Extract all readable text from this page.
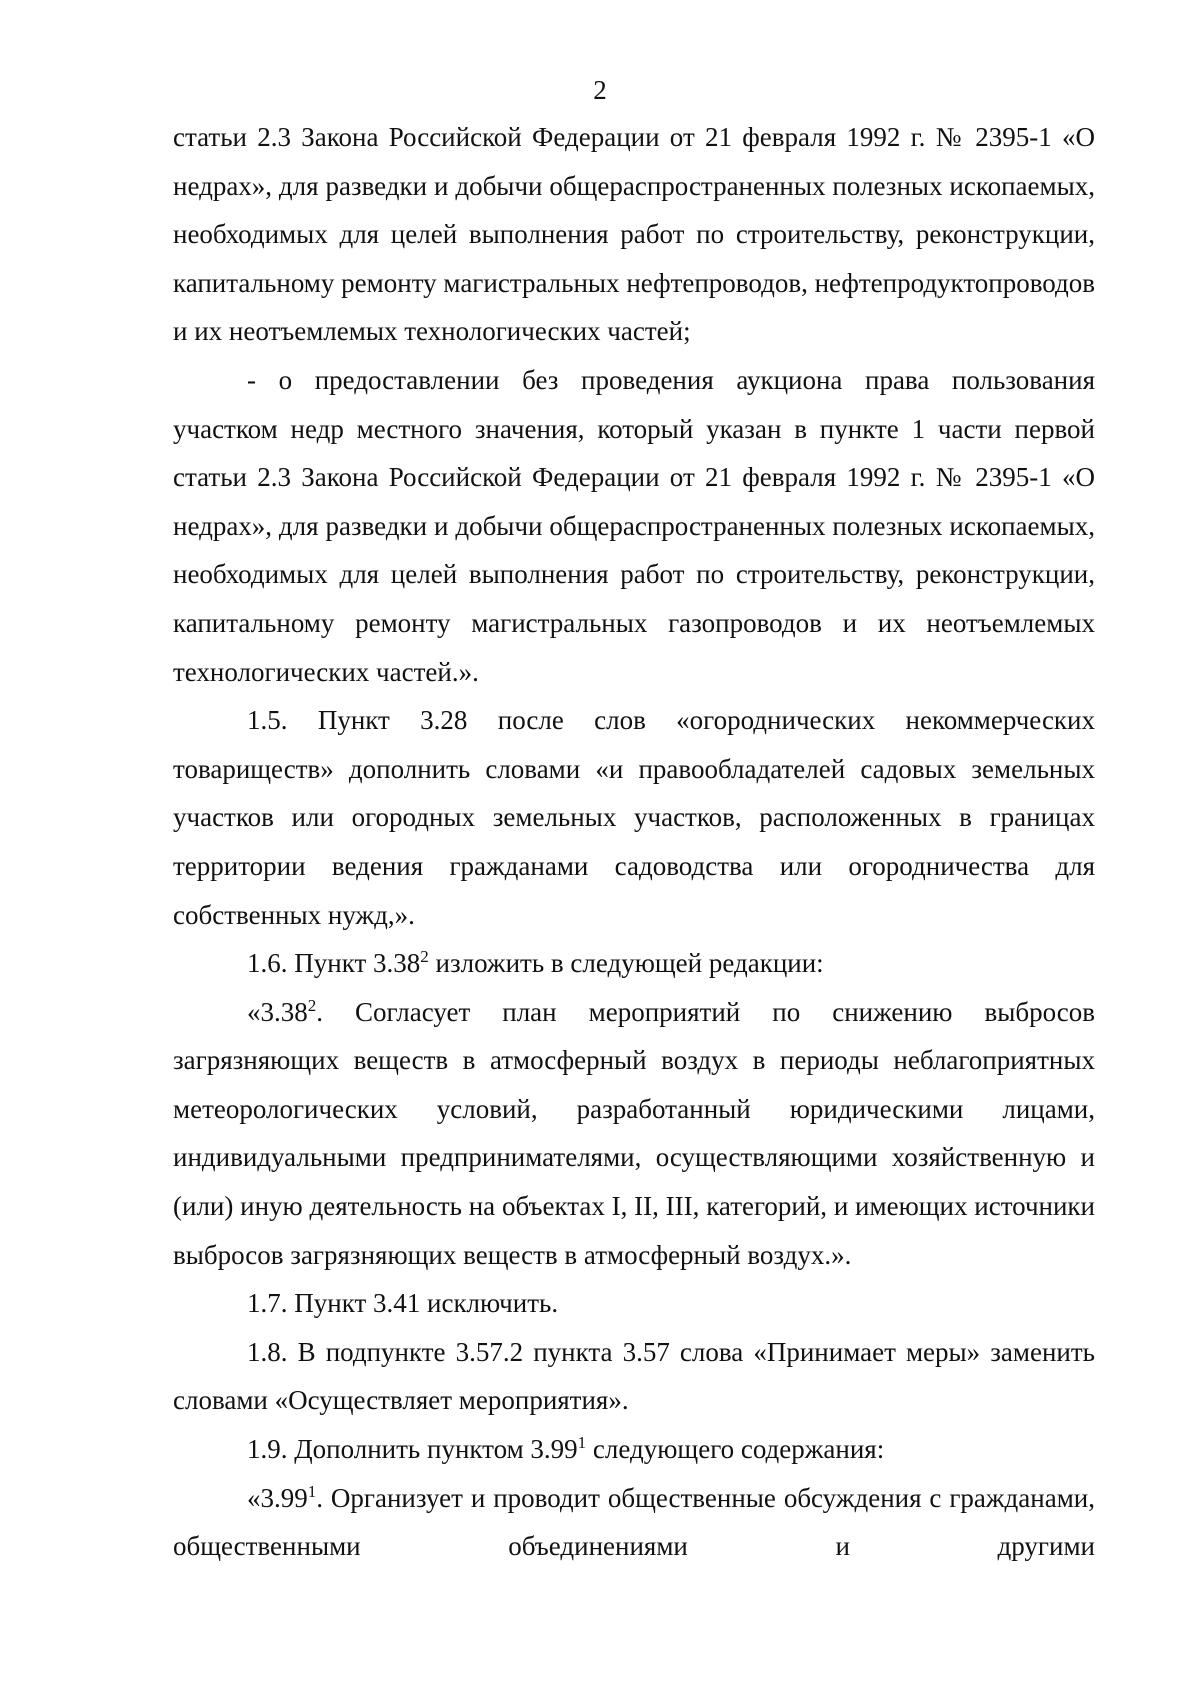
2

статьи 2.3 Закона Российской Федерации от 21 февраля 1992 г. № 2395-1 «О недрах», для разведки и добычи общераспространенных полезных ископаемых, необходимых для целей выполнения работ по строительству, реконструкции, капитальному ремонту магистральных нефтепроводов, нефтепродуктопроводов и их неотъемлемых технологических частей;

- о предоставлении без проведения аукциона права пользования участком недр местного значения, который указан в пункте 1 части первой статьи 2.3 Закона Российской Федерации от 21 февраля 1992 г. № 2395-1 «О недрах», для разведки и добычи общераспространенных полезных ископаемых, необходимых для целей выполнения работ по строительству, реконструкции, капитальному ремонту магистральных газопроводов и их неотъемлемых технологических частей.».

1.5. Пункт 3.28 после слов «огороднических некоммерческих товариществ» дополнить словами «и правообладателей садовых земельных участков или огородных земельных участков, расположенных в границах территории ведения гражданами садоводства или огородничества для собственных нужд,».

1.6. Пункт 3.38$^2$ изложить в следующей редакции:

«3.38$^2$. Согласует план мероприятий по снижению выбросов загрязняющих веществ в атмосферный воздух в периоды неблагоприятных метеорологических условий, разработанный юридическими лицами, индивидуальными предпринимателями, осуществляющими хозяйственную и (или) иную деятельность на объектах I, II, III, категорий, и имеющих источники выбросов загрязняющих веществ в атмосферный воздух.».

1.7. Пункт 3.41 исключить.

1.8. В подпункте 3.57.2 пункта 3.57 слова «Принимает меры» заменить словами «Осуществляет мероприятия».

1.9. Дополнить пунктом 3.99$^1$ следующего содержания:

«3.99$^1$. Организует и проводит общественные обсуждения с гражданами, общественными объединениями и другими
